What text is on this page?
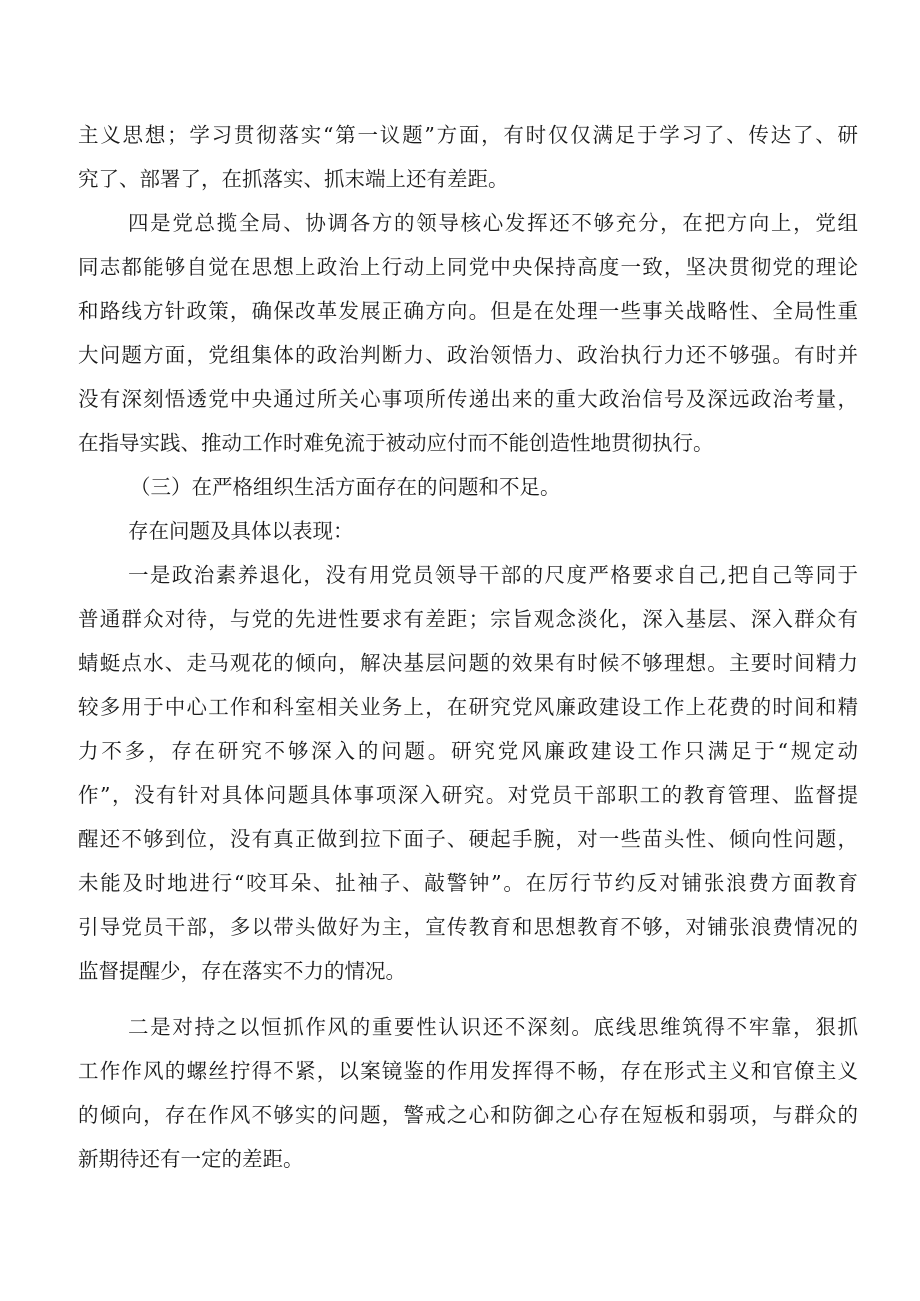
主义思想；学习贯彻落实“第一议题”方面，有时仅仅满足于学习了、传达了、研
究了、部署了，在抓落实、抓末端上还有差距。
四是党总揽全局、协调各方的领导核心发挥还不够充分，在把方向上，党组
同志都能够自觉在思想上政治上行动上同党中央保持高度一致，坚决贯彻党的理论
和路线方针政策，确保改革发展正确方向。但是在处理一些事关战略性、全局性重
大问题方面，党组集体的政治判断力、政治领悟力、政治执行力还不够强。有时并
没有深刻悟透党中央通过所关心事项所传递出来的重大政治信号及深远政治考量，
在指导实践、推动工作时难免流于被动应付而不能创造性地贯彻执行。
（三）在严格组织生活方面存在的问题和不足。
存在问题及具体以表现：
一是政治素养退化，没有用党员领导干部的尺度严格要求自己,把自己等同于
普通群众对待，与党的先进性要求有差距；宗旨观念淡化，深入基层、深入群众有
蜻蜓点水、走马观花的倾向，解决基层问题的效果有时候不够理想。主要时间精力
较多用于中心工作和科室相关业务上，在研究党风廉政建设工作上花费的时间和精
力不多，存在研究不够深入的问题。研究党风廉政建设工作只满足于“规定动
作”，没有针对具体问题具体事项深入研究。对党员干部职工的教育管理、监督提
醒还不够到位，没有真正做到拉下面子、硬起手腕，对一些苗头性、倾向性问题，
未能及时地进行“咬耳朵、扯袖子、敲警钟”。在厉行节约反对铺张浪费方面教育
引导党员干部，多以带头做好为主，宣传教育和思想教育不够，对铺张浪费情况的
监督提醒少，存在落实不力的情况。
二是对持之以恒抓作风的重要性认识还不深刻。底线思维筑得不牢靠，狠抓
工作作风的螺丝拧得不紧，以案镜鉴的作用发挥得不畅，存在形式主义和官僚主义
的倾向，存在作风不够实的问题，警戒之心和防御之心存在短板和弱项，与群众的
新期待还有一定的差距。
